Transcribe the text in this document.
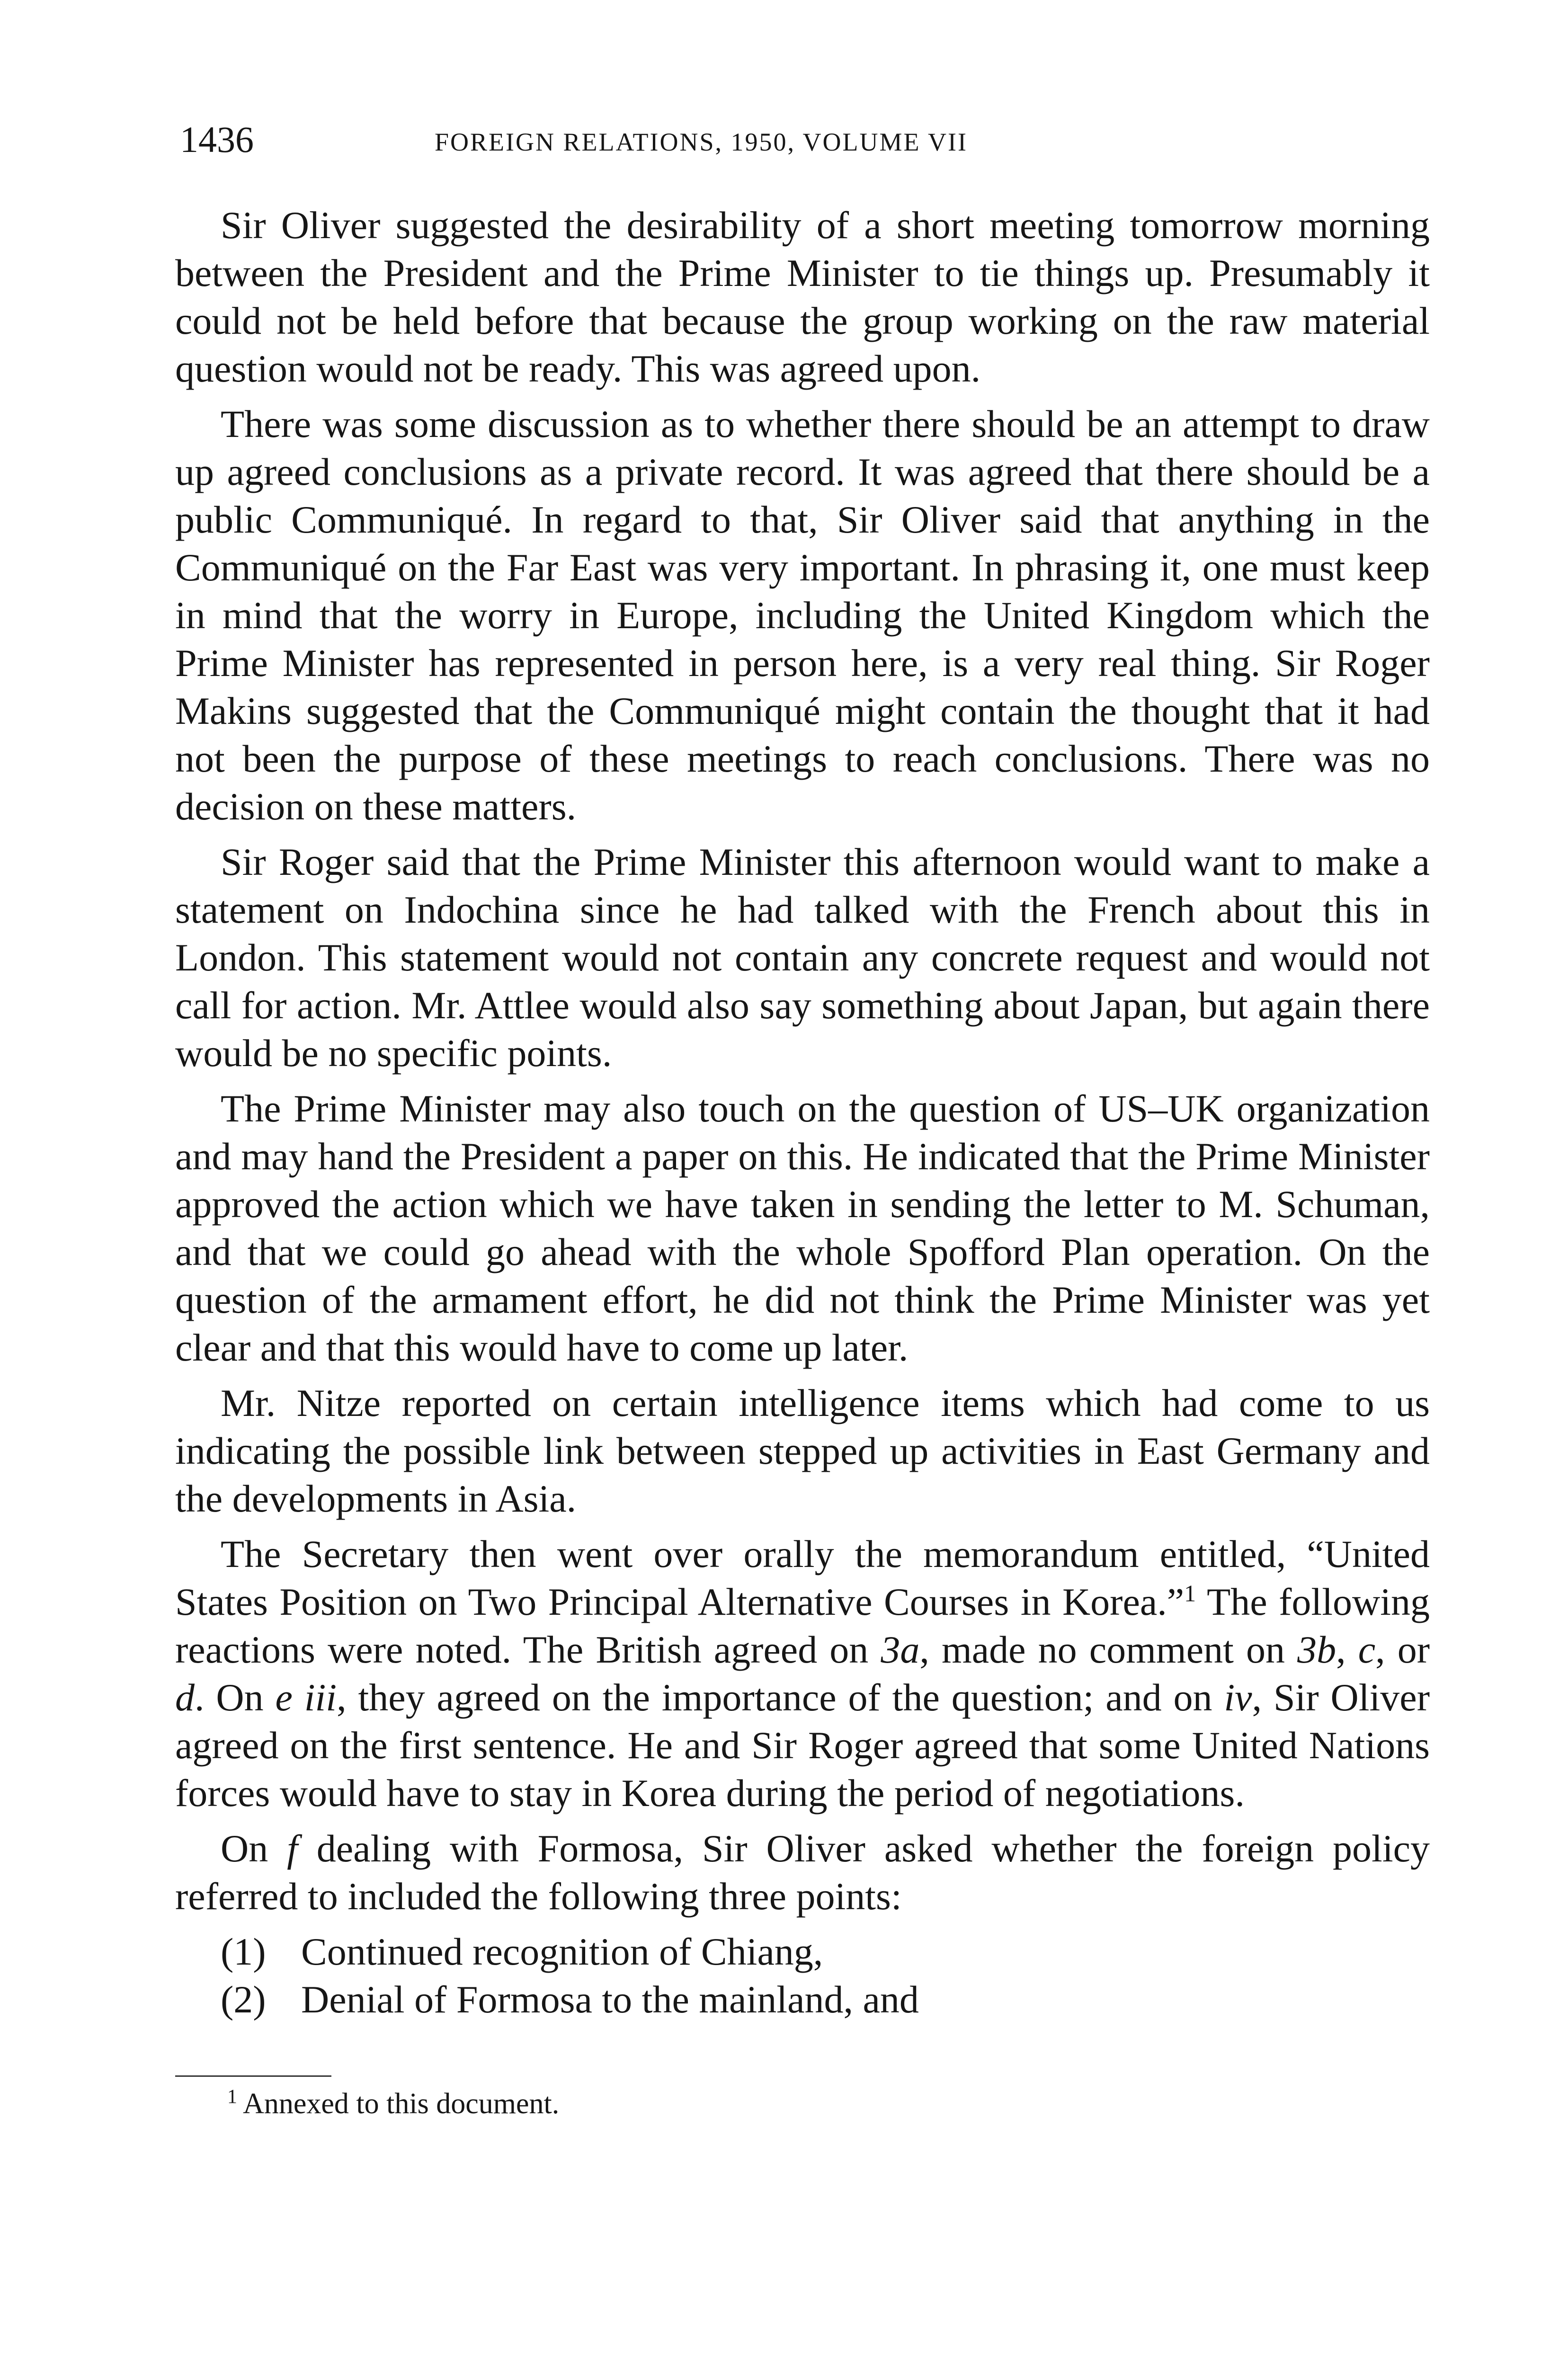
1436	FOREIGN RELATIONS, 1950, VOLUME VII

Sir Oliver suggested the desirability of a short meeting tomorrow morning between the President and the Prime Minister to tie things up. Presumably it could not be held before that because the group working on the raw material question would not be ready. This was agreed upon.

There was some discussion as to whether there should be an attempt to draw up agreed conclusions as a private record. It was agreed that there should be a public Communiqué. In regard to that, Sir Oliver said that anything in the Communiqué on the Far East was very important. In phrasing it, one must keep in mind that the worry in Europe, including the United Kingdom which the Prime Minister has represented in person here, is a very real thing. Sir Roger Makins suggested that the Communiqué might contain the thought that it had not been the purpose of these meetings to reach conclusions. There was no decision on these matters.

Sir Roger said that the Prime Minister this afternoon would want to make a statement on Indochina since he had talked with the French about this in London. This statement would not contain any concrete request and would not call for action. Mr. Attlee would also say something about Japan, but again there would be no specific points.

The Prime Minister may also touch on the question of US–UK organization and may hand the President a paper on this. He indicated that the Prime Minister approved the action which we have taken in sending the letter to M. Schuman, and that we could go ahead with the whole Spofford Plan operation. On the question of the armament effort, he did not think the Prime Minister was yet clear and that this would have to come up later.

Mr. Nitze reported on certain intelligence items which had come to us indicating the possible link between stepped up activities in East Germany and the developments in Asia.

The Secretary then went over orally the memorandum entitled, “United States Position on Two Principal Alternative Courses in Korea.”$^1$ The following reactions were noted. The British agreed on 3a, made no comment on 3b, c, or d. On e iii, they agreed on the importance of the question; and on iv, Sir Oliver agreed on the first sentence. He and Sir Roger agreed that some United Nations forces would have to stay in Korea during the period of negotiations.

On f dealing with Formosa, Sir Oliver asked whether the foreign policy referred to included the following three points:

(1) Continued recognition of Chiang,
(2) Denial of Formosa to the mainland, and
$^1$ Annexed to this document.
